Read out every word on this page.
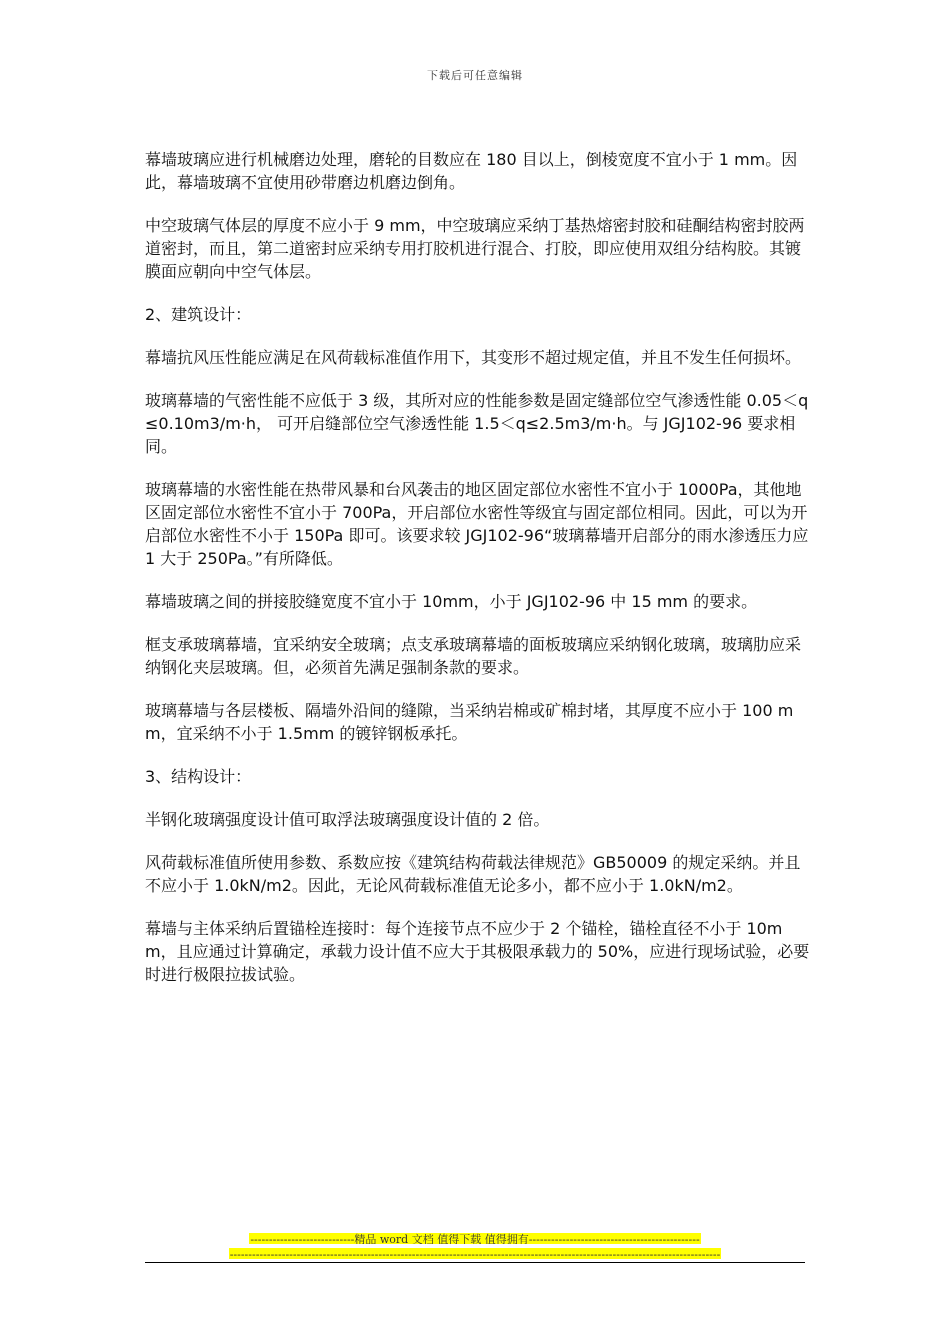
下载后可任意编辑

幕墙玻璃应进行机械磨边处理，磨轮的目数应在 180 目以上，倒棱宽度不宜小于 1 mm。因此，幕墙玻璃不宜使用砂带磨边机磨边倒角。

中空玻璃气体层的厚度不应小于 9 mm，中空玻璃应采纳丁基热熔密封胶和硅酮结构密封胶两道密封，而且，第二道密封应采纳专用打胶机进行混合、打胶，即应使用双组分结构胶。其镀膜面应朝向中空气体层。

2、建筑设计：

幕墙抗风压性能应满足在风荷载标准值作用下，其变形不超过规定值，并且不发生任何损坏。

玻璃幕墙的气密性能不应低于 3 级，其所对应的性能参数是固定缝部位空气渗透性能 0.05＜q≤0.10m3/m·h， 可开启缝部位空气渗透性能 1.5＜q≤2.5m3/m·h。与 JGJ102-96 要求相同。

玻璃幕墙的水密性能在热带风暴和台风袭击的地区固定部位水密性不宜小于 1000Pa，其他地区固定部位水密性不宜小于 700Pa，开启部位水密性等级宜与固定部位相同。因此，可以为开启部位水密性不小于 150Pa 即可。该要求较 JGJ102-96“玻璃幕墙开启部分的雨水渗透压力应 1 大于 250Pa。”有所降低。

幕墙玻璃之间的拼接胶缝宽度不宜小于 10mm，小于 JGJ102-96 中 15 mm 的要求。

框支承玻璃幕墙，宜采纳安全玻璃；点支承玻璃幕墙的面板玻璃应采纳钢化玻璃，玻璃肋应采纳钢化夹层玻璃。但，必须首先满足强制条款的要求。

玻璃幕墙与各层楼板、隔墙外沿间的缝隙，当采纳岩棉或矿棉封堵，其厚度不应小于 100 mm，宜采纳不小于 1.5mm 的镀锌钢板承托。

3、结构设计：

半钢化玻璃强度设计值可取浮法玻璃强度设计值的 2 倍。

风荷载标准值所使用参数、系数应按《建筑结构荷载法律规范》GB50009 的规定采纳。并且不应小于 1.0kN/m2。因此，无论风荷载标准值无论多小，都不应小于 1.0kN/m2。

幕墙与主体采纳后置锚栓连接时：每个连接节点不应少于 2 个锚栓，锚栓直径不小于 10mm，且应通过计算确定，承载力设计值不应大于其极限承载力的 50%，应进行现场试验，必要时进行极限拉拔试验。

----------------------------精品 word 文档 值得下载 值得拥有----------------------------------------------
------------------------------------------------------------------------------------------------------------------------------------
